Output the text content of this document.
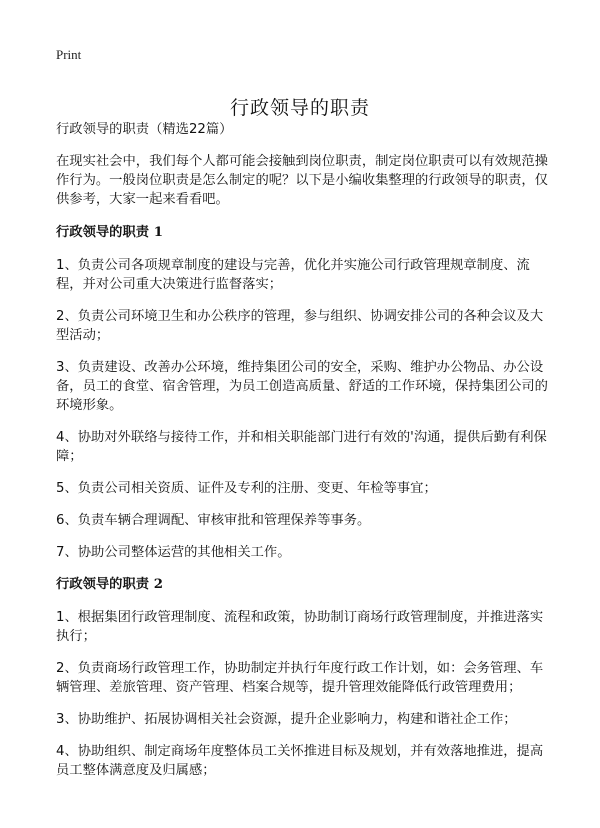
Print
行政领导的职责

行政领导的职责（精选22篇）

在现实社会中，我们每个人都可能会接触到岗位职责，制定岗位职责可以有效规范操作行为。一般岗位职责是怎么制定的呢？以下是小编收集整理的行政领导的职责，仅供参考，大家一起来看看吧。

行政领导的职责 1

1、负责公司各项规章制度的建设与完善，优化并实施公司行政管理规章制度、流程，并对公司重大决策进行监督落实；

2、负责公司环境卫生和办公秩序的管理，参与组织、协调安排公司的各种会议及大型活动；

3、负责建设、改善办公环境，维持集团公司的安全，采购、维护办公物品、办公设备，员工的食堂、宿舍管理，为员工创造高质量、舒适的工作环境，保持集团公司的环境形象。

4、协助对外联络与接待工作，并和相关职能部门进行有效的'沟通，提供后勤有利保障；

5、负责公司相关资质、证件及专利的注册、变更、年检等事宜；

6、负责车辆合理调配、审核审批和管理保养等事务。

7、协助公司整体运营的其他相关工作。

行政领导的职责 2

1、根据集团行政管理制度、流程和政策，协助制订商场行政管理制度，并推进落实执行；

2、负责商场行政管理工作，协助制定并执行年度行政工作计划，如：会务管理、车辆管理、差旅管理、资产管理、档案合规等，提升管理效能降低行政管理费用；

3、协助维护、拓展协调相关社会资源，提升企业影响力，构建和谐社企工作；

4、协助组织、制定商场年度整体员工关怀推进目标及规划，并有效落地推进，提高员工整体满意度及归属感；
